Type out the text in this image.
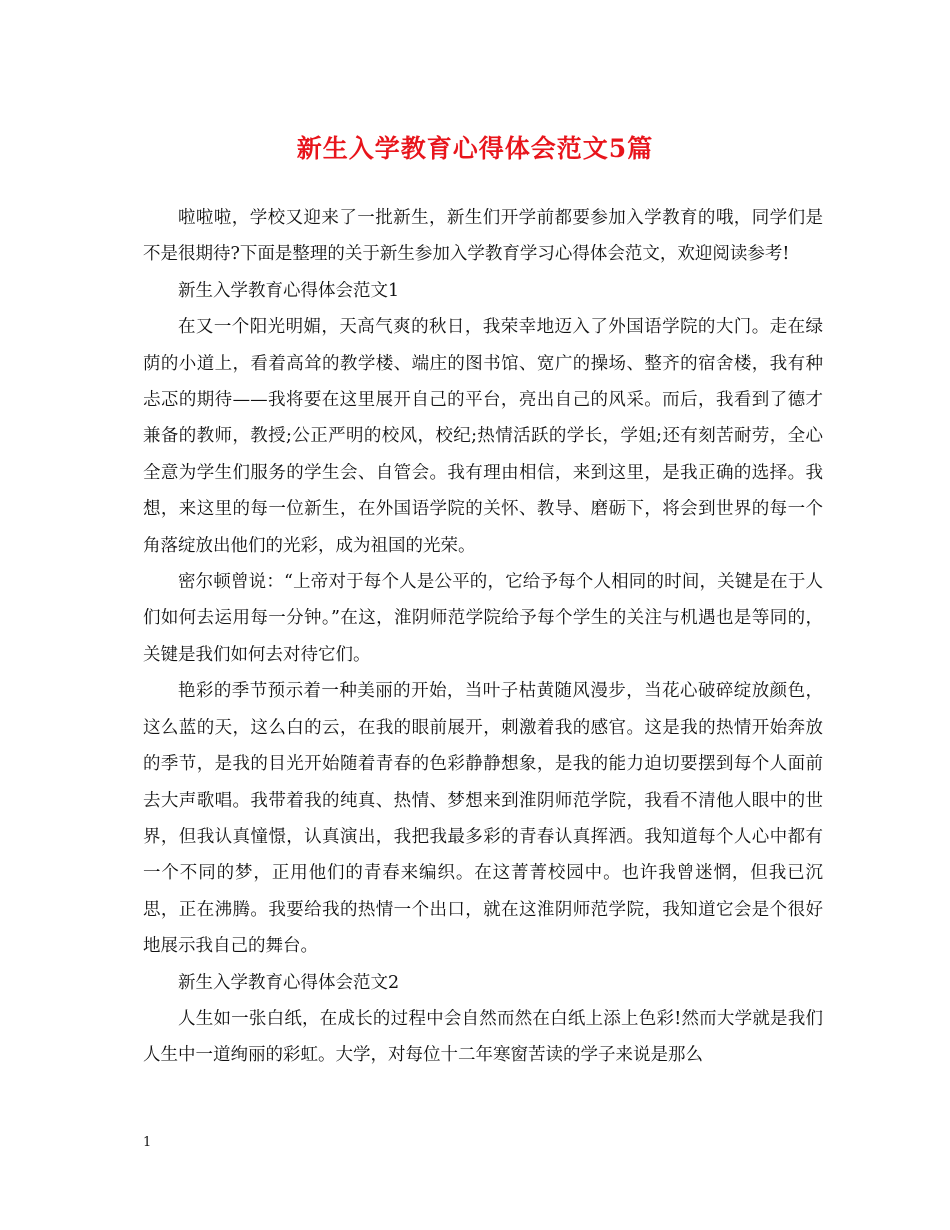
新生入学教育心得体会范文5篇

啦啦啦，学校又迎来了一批新生，新生们开学前都要参加入学教育的哦，同学们是不是很期待?下面是整理的关于新生参加入学教育学习心得体会范文，欢迎阅读参考!

新生入学教育心得体会范文1

在又一个阳光明媚，天高气爽的秋日，我荣幸地迈入了外国语学院的大门。走在绿荫的小道上，看着高耸的教学楼、端庄的图书馆、宽广的操场、整齐的宿舍楼，我有种忐忑的期待——我将要在这里展开自己的平台，亮出自己的风采。而后，我看到了德才兼备的教师，教授;公正严明的校风，校纪;热情活跃的学长，学姐;还有刻苦耐劳，全心全意为学生们服务的学生会、自管会。我有理由相信，来到这里，是我正确的选择。我想，来这里的每一位新生，在外国语学院的关怀、教导、磨砺下，将会到世界的每一个角落绽放出他们的光彩，成为祖国的光荣。

密尔顿曾说：“上帝对于每个人是公平的，它给予每个人相同的时间，关键是在于人们如何去运用每一分钟。”在这，淮阴师范学院给予每个学生的关注与机遇也是等同的，关键是我们如何去对待它们。

艳彩的季节预示着一种美丽的开始，当叶子枯黄随风漫步，当花心破碎绽放颜色，这么蓝的天，这么白的云，在我的眼前展开，刺激着我的感官。这是我的热情开始奔放的季节，是我的目光开始随着青春的色彩静静想象，是我的能力迫切要摆到每个人面前去大声歌唱。我带着我的纯真、热情、梦想来到淮阴师范学院，我看不清他人眼中的世界，但我认真憧憬，认真演出，我把我最多彩的青春认真挥洒。我知道每个人心中都有一个不同的梦，正用他们的青春来编织。在这菁菁校园中。也许我曾迷惘，但我已沉思，正在沸腾。我要给我的热情一个出口，就在这淮阴师范学院，我知道它会是个很好地展示我自己的舞台。

新生入学教育心得体会范文2

人生如一张白纸，在成长的过程中会自然而然在白纸上添上色彩!然而大学就是我们人生中一道绚丽的彩虹。大学，对每位十二年寒窗苦读的学子来说是那么

1
